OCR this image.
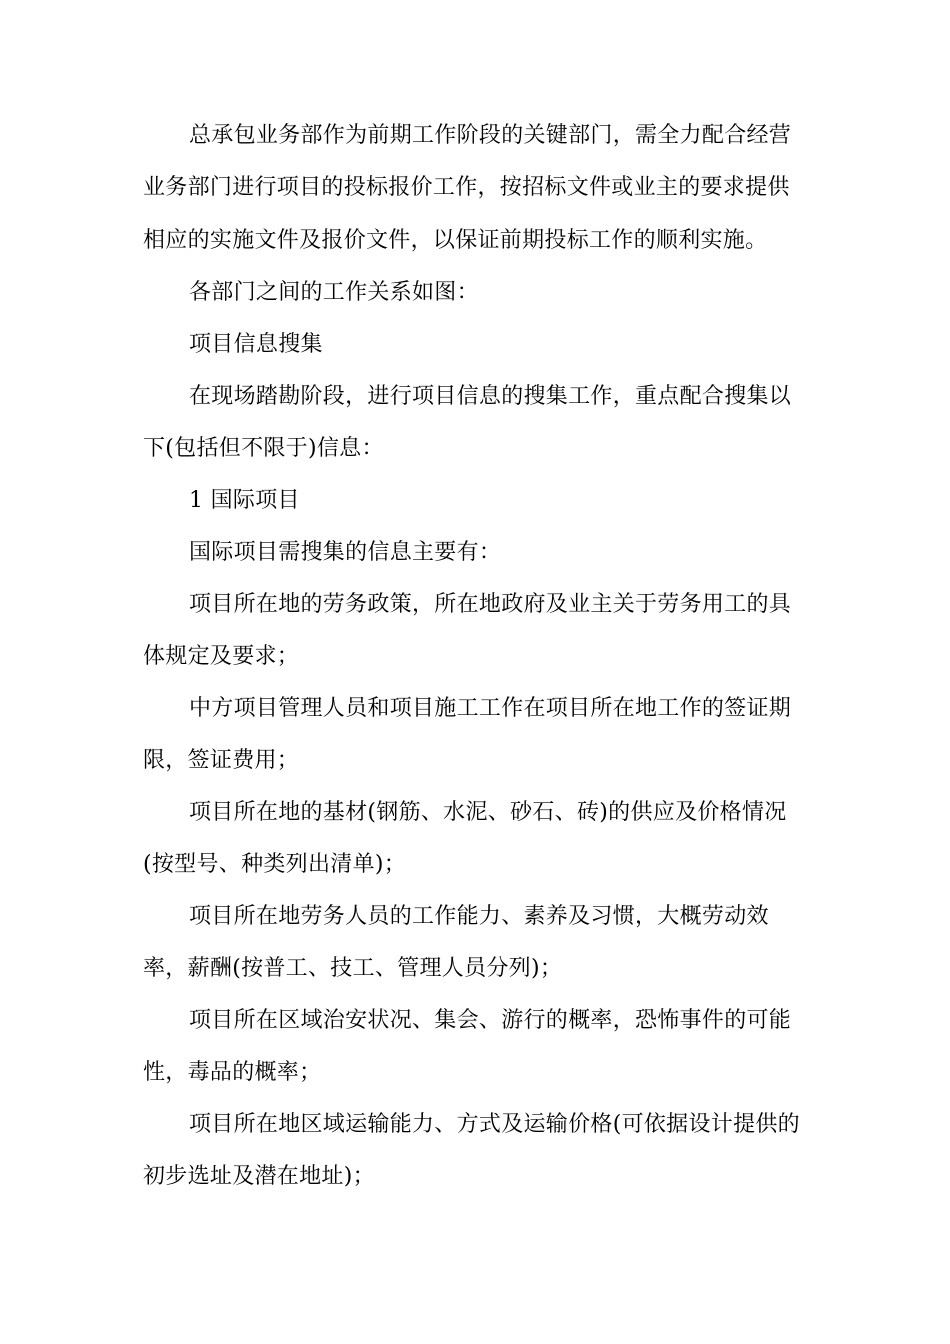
总承包业务部作为前期工作阶段的关键部门，需全力配合经营
业务部门进行项目的投标报价工作，按招标文件或业主的要求提供
相应的实施文件及报价文件，以保证前期投标工作的顺利实施。
各部门之间的工作关系如图：
项目信息搜集
在现场踏勘阶段，进行项目信息的搜集工作，重点配合搜集以
下(包括但不限于)信息：
1 国际项目
国际项目需搜集的信息主要有：
项目所在地的劳务政策，所在地政府及业主关于劳务用工的具
体规定及要求；
中方项目管理人员和项目施工工作在项目所在地工作的签证期
限，签证费用；
项目所在地的基材(钢筋、水泥、砂石、砖)的供应及价格情况
(按型号、种类列出清单)；
项目所在地劳务人员的工作能力、素养及习惯，大概劳动效
率，薪酬(按普工、技工、管理人员分列)；
项目所在区域治安状况、集会、游行的概率，恐怖事件的可能
性，毒品的概率；
项目所在地区域运输能力、方式及运输价格(可依据设计提供的
初步选址及潜在地址)；
